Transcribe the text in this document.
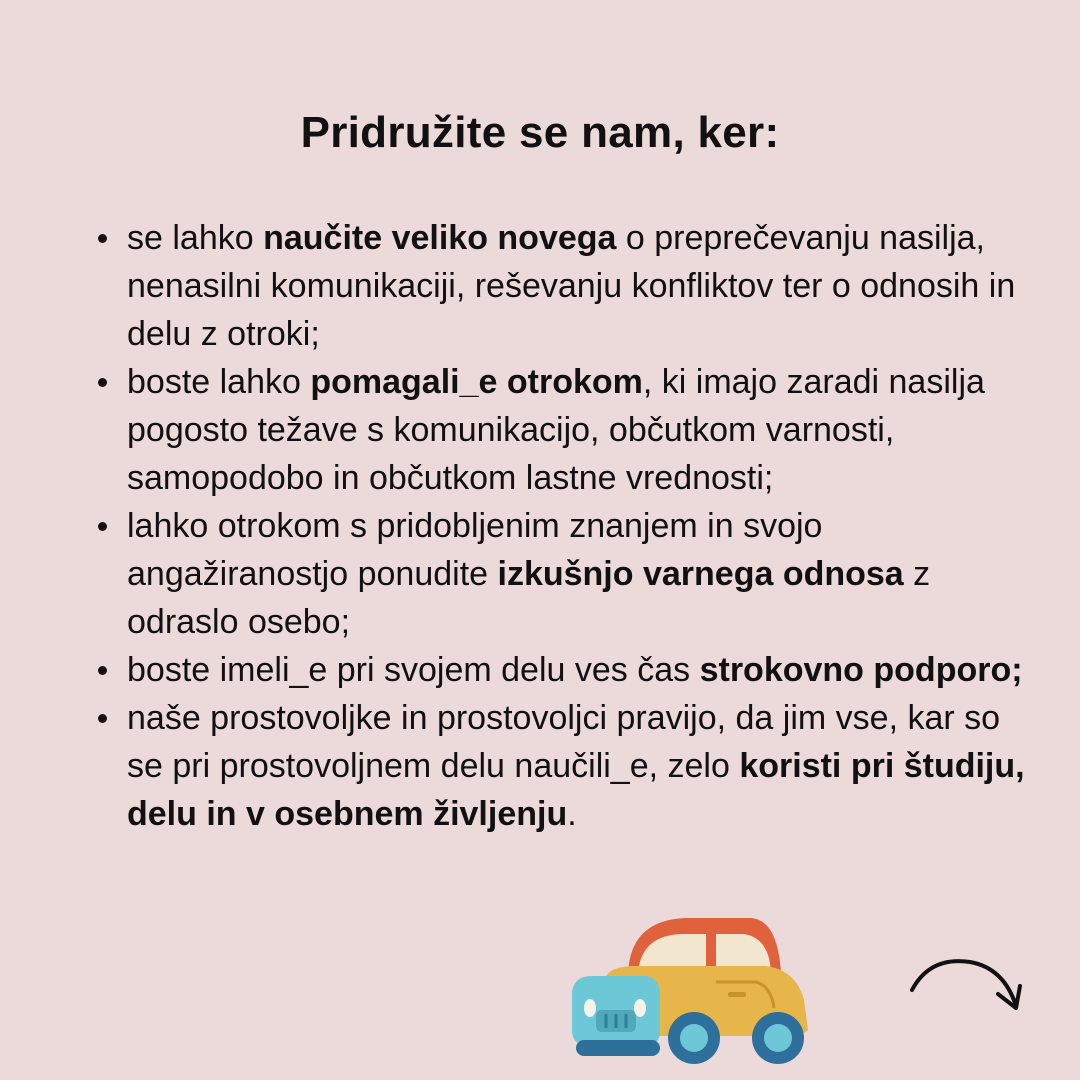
Pridružite se nam, ker:
se lahko naučite veliko novega o preprečevanju nasilja, nenasilni komunikaciji, reševanju konfliktov ter o odnosih in delu z otroki;
boste lahko pomagali_e otrokom, ki imajo zaradi nasilja pogosto težave s komunikacijo, občutkom varnosti, samopodobo in občutkom lastne vrednosti;
lahko otrokom s pridobljenim znanjem in svojo angažiranostjo ponudite izkušnjo varnega odnosa z odraslo osebo;
boste imeli_e pri svojem delu ves čas strokovno podporo;
naše prostovoljke in prostovoljci pravijo, da jim vse, kar so se pri prostovoljnem delu naučili_e, zelo koristi pri študiju, delu in v osebnem življenju.
